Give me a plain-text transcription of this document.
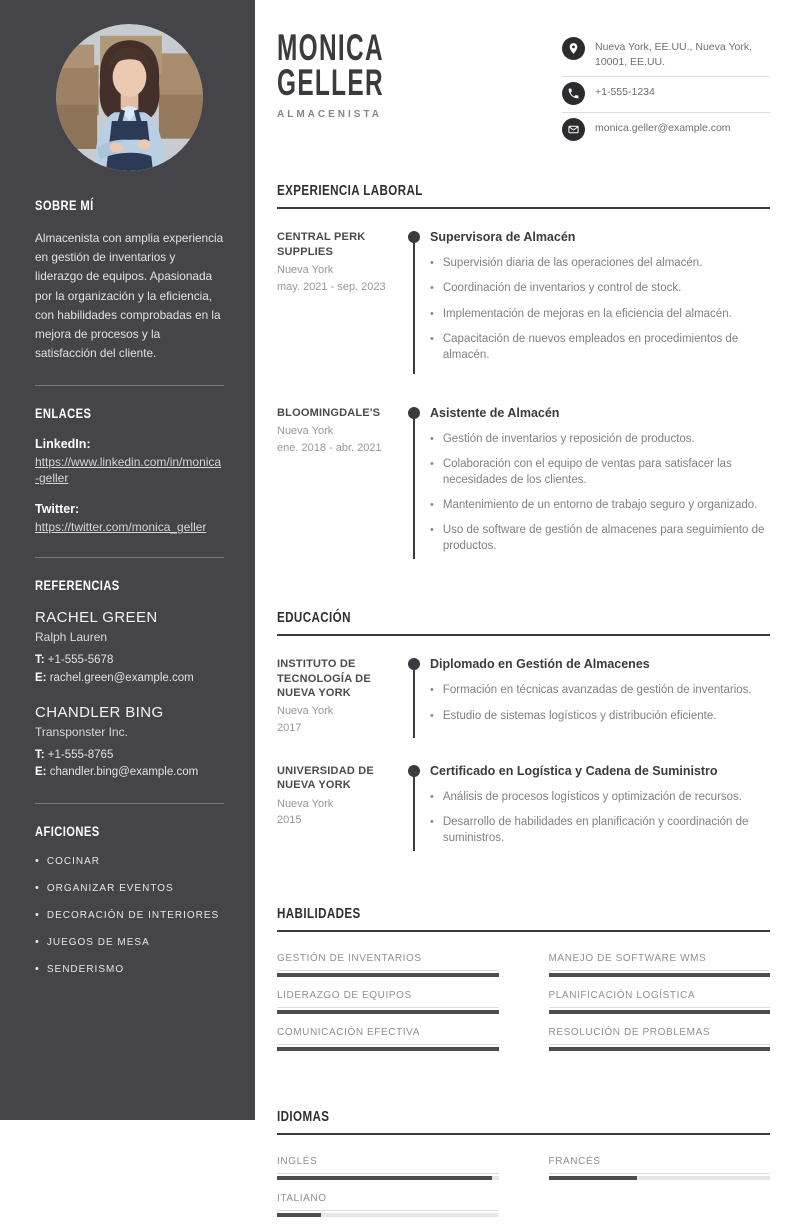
SOBRE MÍ

Almacenista con amplia experiencia en gestión de inventarios y liderazgo de equipos. Apasionada por la organización y la eficiencia, con habilidades comprobadas en la mejora de procesos y la satisfacción del cliente.

ENLACES
LinkedIn:
https://www.linkedin.com/in/monica-geller
Twitter:
https://twitter.com/monica_geller
REFERENCIAS
RACHEL GREEN
Ralph Lauren
T: +1-555-5678
E: rachel.green@example.com
CHANDLER BING
Transponster Inc.
T: +1-555-8765
E: chandler.bing@example.com
AFICIONES
• COCINAR
• ORGANIZAR EVENTOS
• DECORACIÓN DE INTERIORES
• JUEGOS DE MESA
• SENDERISMO
MONICA
GELLER
ALMACENISTA
Nueva York, EE.UU., Nueva York, 10001, EE.UU.
+1-555-1234
monica.geller@example.com
EXPERIENCIA LABORAL
CENTRAL PERK SUPPLIES
Nueva York
may. 2021 - sep. 2023
Supervisora de Almacén
• Supervisión diaria de las operaciones del almacén.
• Coordinación de inventarios y control de stock.
• Implementación de mejoras en la eficiencia del almacén.
• Capacitación de nuevos empleados en procedimientos de almacén.
BLOOMINGDALE'S
Nueva York
ene. 2018 - abr. 2021
Asistente de Almacén
• Gestión de inventarios y reposición de productos.
• Colaboración con el equipo de ventas para satisfacer las necesidades de los clientes.
• Mantenimiento de un entorno de trabajo seguro y organizado.
• Uso de software de gestión de almacenes para seguimiento de productos.
EDUCACIÓN
INSTITUTO DE TECNOLOGÍA DE NUEVA YORK
Nueva York
2017
Diplomado en Gestión de Almacenes
• Formación en técnicas avanzadas de gestión de inventarios.
• Estudio de sistemas logísticos y distribución eficiente.
UNIVERSIDAD DE NUEVA YORK
Nueva York
2015
Certificado en Logística y Cadena de Suministro
• Análisis de procesos logísticos y optimización de recursos.
• Desarrollo de habilidades en planificación y coordinación de suministros.
HABILIDADES
GESTIÓN DE INVENTARIOS	MANEJO DE SOFTWARE WMS
LIDERAZGO DE EQUIPOS	PLANIFICACIÓN LOGÍSTICA
COMUNICACIÓN EFECTIVA	RESOLUCIÓN DE PROBLEMAS
IDIOMAS
INGLÉS	FRANCÉS
ITALIANO
